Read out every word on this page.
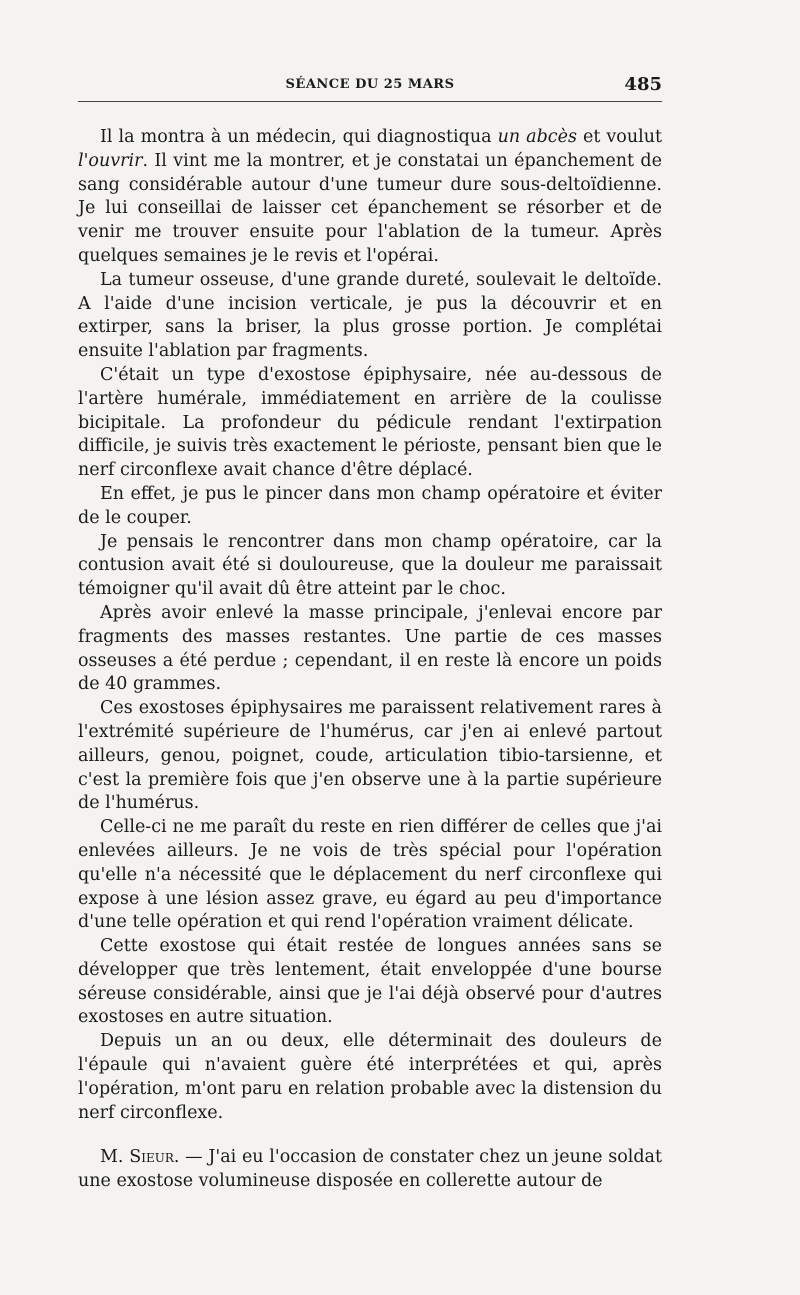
SÉANCE DU 25 MARS	485

Il la montra à un médecin, qui diagnostiqua un abcès et voulut l'ouvrir. Il vint me la montrer, et je constatai un épanchement de sang considérable autour d'une tumeur dure sous-deltoïdienne. Je lui conseillai de laisser cet épanchement se résorber et de venir me trouver ensuite pour l'ablation de la tumeur. Après quelques semaines je le revis et l'opérai.

La tumeur osseuse, d'une grande dureté, soulevait le deltoïde. A l'aide d'une incision verticale, je pus la découvrir et en extirper, sans la briser, la plus grosse portion. Je complétai ensuite l'ablation par fragments.

C'était un type d'exostose épiphysaire, née au-dessous de l'artère humérale, immédiatement en arrière de la coulisse bicipitale. La profondeur du pédicule rendant l'extirpation difficile, je suivis très exactement le périoste, pensant bien que le nerf circonflexe avait chance d'être déplacé.

En effet, je pus le pincer dans mon champ opératoire et éviter de le couper.

Je pensais le rencontrer dans mon champ opératoire, car la contusion avait été si douloureuse, que la douleur me paraissait témoigner qu'il avait dû être atteint par le choc.

Après avoir enlevé la masse principale, j'enlevai encore par fragments des masses restantes. Une partie de ces masses osseuses a été perdue ; cependant, il en reste là encore un poids de 40 grammes.

Ces exostoses épiphysaires me paraissent relativement rares à l'extrémité supérieure de l'humérus, car j'en ai enlevé partout ailleurs, genou, poignet, coude, articulation tibio-tarsienne, et c'est la première fois que j'en observe une à la partie supérieure de l'humérus.

Celle-ci ne me paraît du reste en rien différer de celles que j'ai enlevées ailleurs. Je ne vois de très spécial pour l'opération qu'elle n'a nécessité que le déplacement du nerf circonflexe qui expose à une lésion assez grave, eu égard au peu d'importance d'une telle opération et qui rend l'opération vraiment délicate.

Cette exostose qui était restée de longues années sans se développer que très lentement, était enveloppée d'une bourse séreuse considérable, ainsi que je l'ai déjà observé pour d'autres exostoses en autre situation.

Depuis un an ou deux, elle déterminait des douleurs de l'épaule qui n'avaient guère été interprétées et qui, après l'opération, m'ont paru en relation probable avec la distension du nerf circonflexe.

M. Sieur. — J'ai eu l'occasion de constater chez un jeune soldat une exostose volumineuse disposée en collerette autour de
